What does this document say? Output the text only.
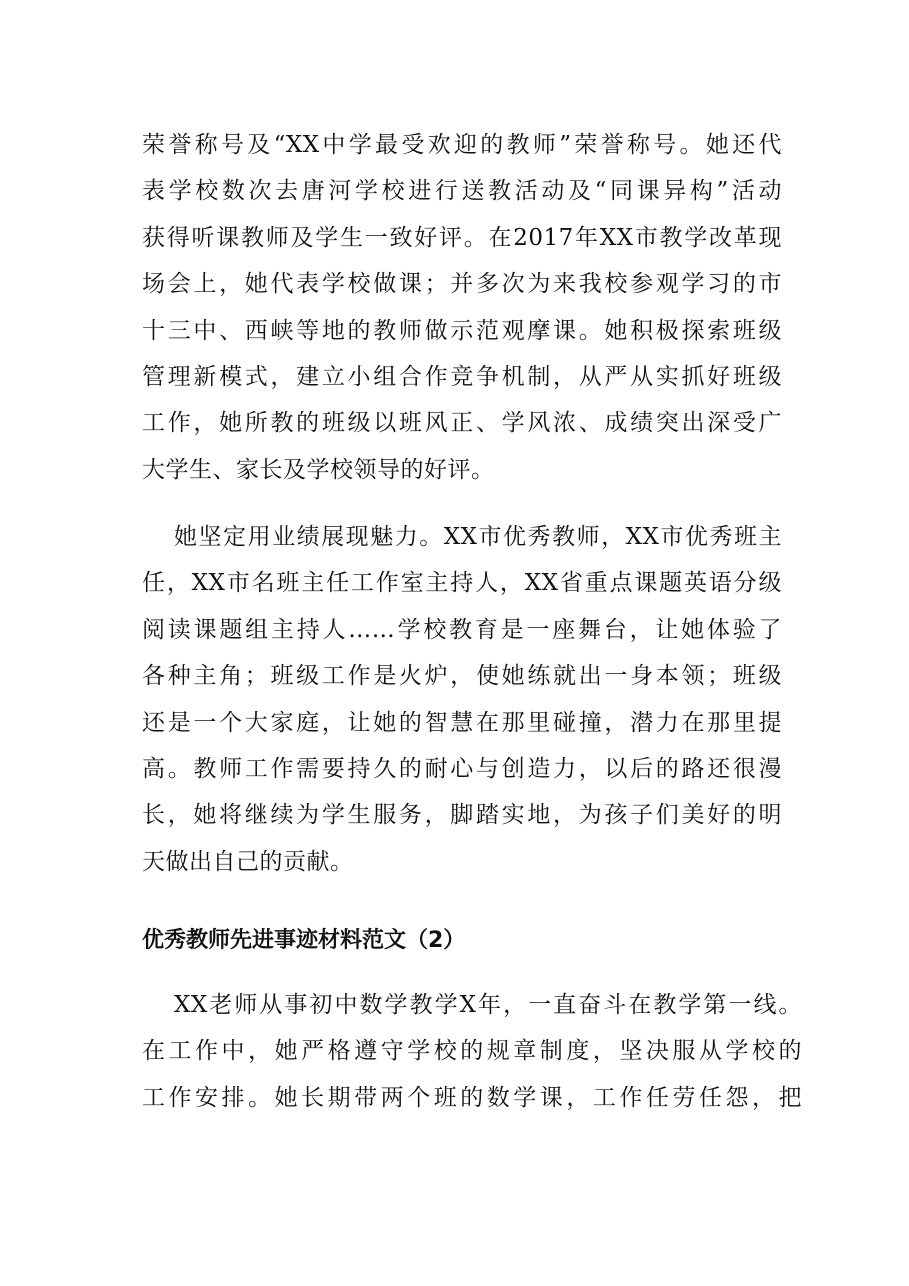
荣誉称号及“XX中学最受欢迎的教师”荣誉称号。她还代
表学校数次去唐河学校进行送教活动及“同课异构”活动
获得听课教师及学生一致好评。在2017年XX市教学改革现
场会上，她代表学校做课；并多次为来我校参观学习的市
十三中、西峡等地的教师做示范观摩课。她积极探索班级
管理新模式，建立小组合作竞争机制，从严从实抓好班级
工作，她所教的班级以班风正、学风浓、成绩突出深受广
大学生、家长及学校领导的好评。
她坚定用业绩展现魅力。XX市优秀教师，XX市优秀班主
任，XX市名班主任工作室主持人，XX省重点课题英语分级
阅读课题组主持人……学校教育是一座舞台，让她体验了
各种主角；班级工作是火炉，使她练就出一身本领；班级
还是一个大家庭，让她的智慧在那里碰撞，潜力在那里提
高。教师工作需要持久的耐心与创造力，以后的路还很漫
长，她将继续为学生服务，脚踏实地，为孩子们美好的明
天做出自己的贡献。
优秀教师先进事迹材料范文（2）
XX老师从事初中数学教学X年，一直奋斗在教学第一线。
在工作中，她严格遵守学校的规章制度，坚决服从学校的
工作安排。她长期带两个班的数学课，工作任劳任怨，把
